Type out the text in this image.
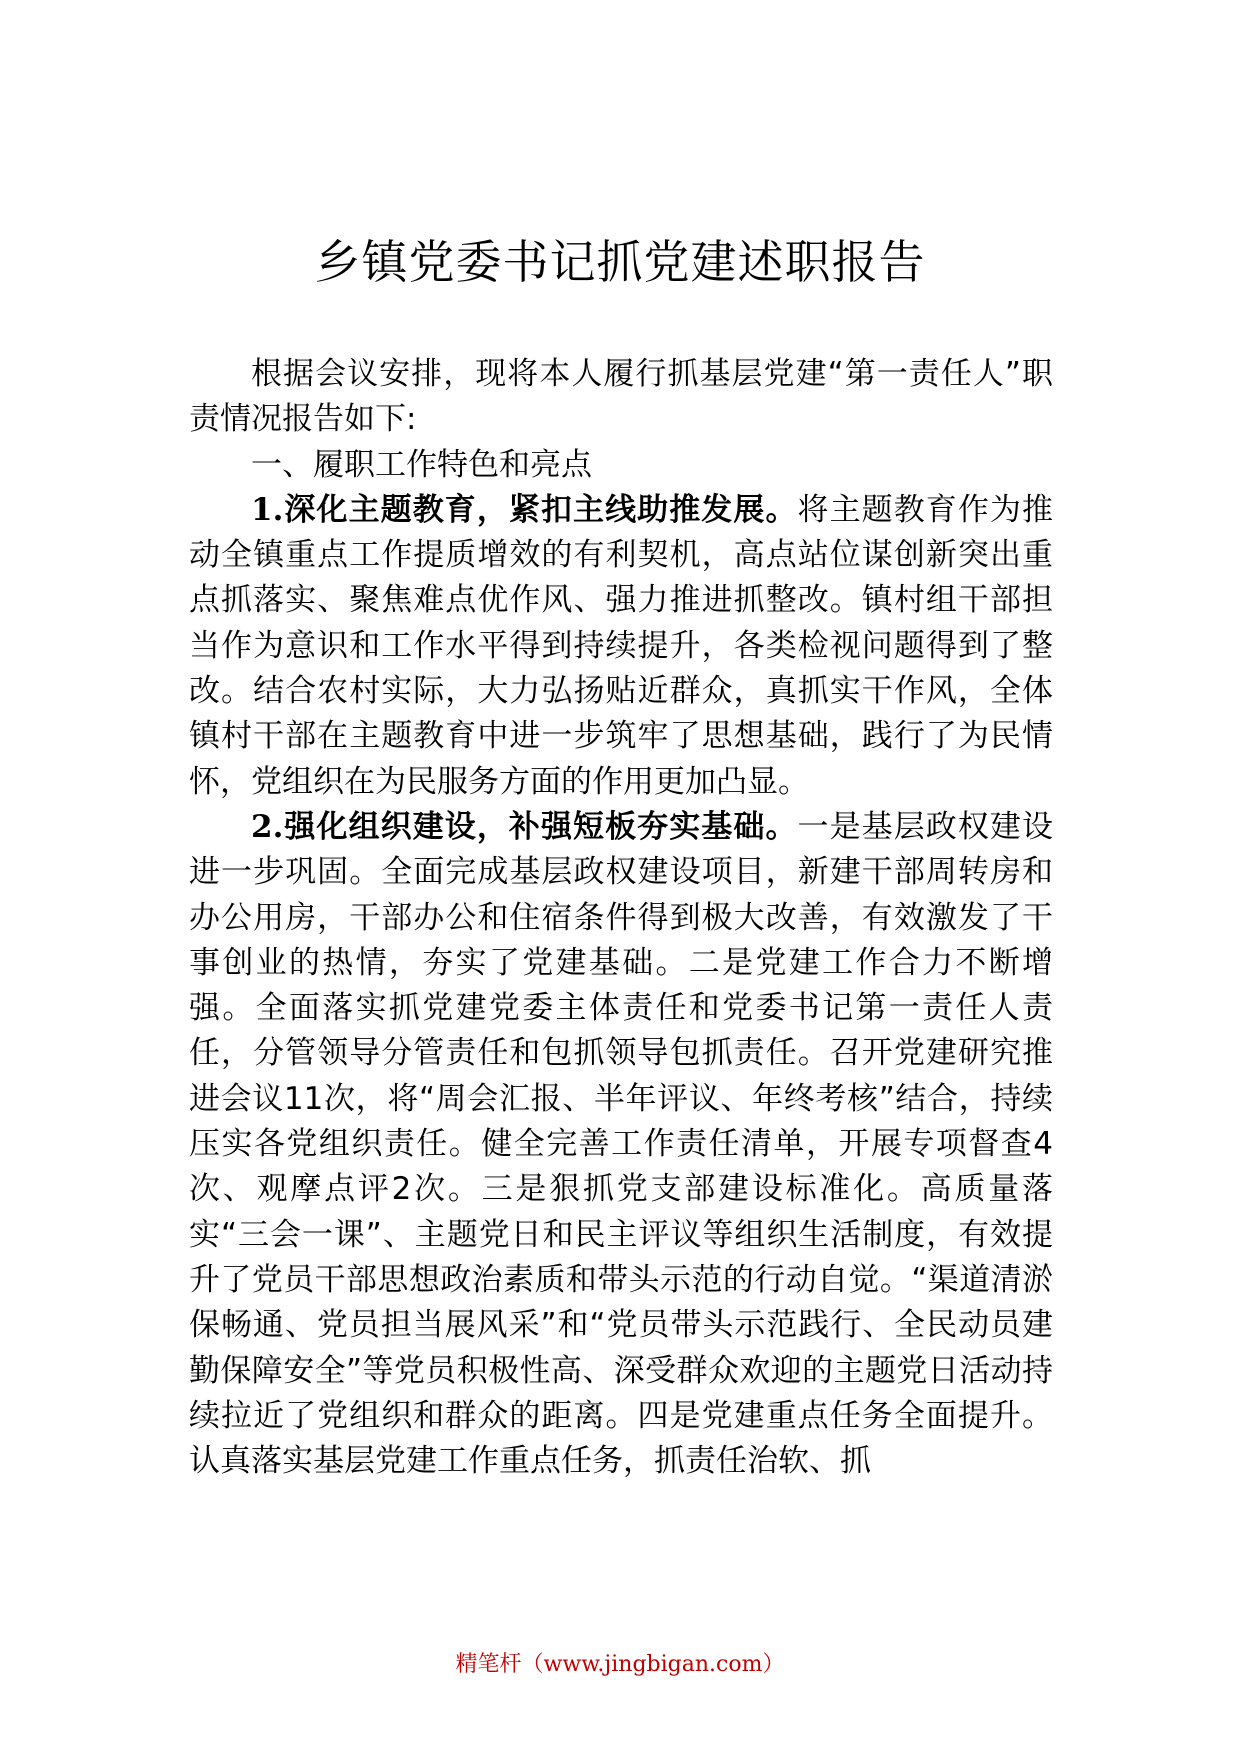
乡镇党委书记抓党建述职报告

根据会议安排，现将本人履行抓基层党建“第一责任人”职责情况报告如下:

一、履职工作特色和亮点

1.深化主题教育，紧扣主线助推发展。将主题教育作为推动全镇重点工作提质增效的有利契机，高点站位谋创新突出重点抓落实、聚焦难点优作风、强力推进抓整改。镇村组干部担当作为意识和工作水平得到持续提升，各类检视问题得到了整改。结合农村实际，大力弘扬贴近群众，真抓实干作风，全体镇村干部在主题教育中进一步筑牢了思想基础，践行了为民情怀，党组织在为民服务方面的作用更加凸显。

2.强化组织建设，补强短板夯实基础。一是基层政权建设进一步巩固。全面完成基层政权建设项目，新建干部周转房和办公用房，干部办公和住宿条件得到极大改善，有效激发了干事创业的热情，夯实了党建基础。二是党建工作合力不断增强。全面落实抓党建党委主体责任和党委书记第一责任人责任，分管领导分管责任和包抓领导包抓责任。召开党建研究推进会议11次，将“周会汇报、半年评议、年终考核”结合，持续压实各党组织责任。健全完善工作责任清单，开展专项督查4次、观摩点评2次。三是狠抓党支部建设标准化。高质量落实“三会一课”、主题党日和民主评议等组织生活制度，有效提升了党员干部思想政治素质和带头示范的行动自觉。“渠道清淤保畅通、党员担当展风采”和“党员带头示范践行、全民动员建勤保障安全”等党员积极性高、深受群众欢迎的主题党日活动持续拉近了党组织和群众的距离。四是党建重点任务全面提升。认真落实基层党建工作重点任务，抓责任治软、抓

精笔杆（www.jingbigan.com）
